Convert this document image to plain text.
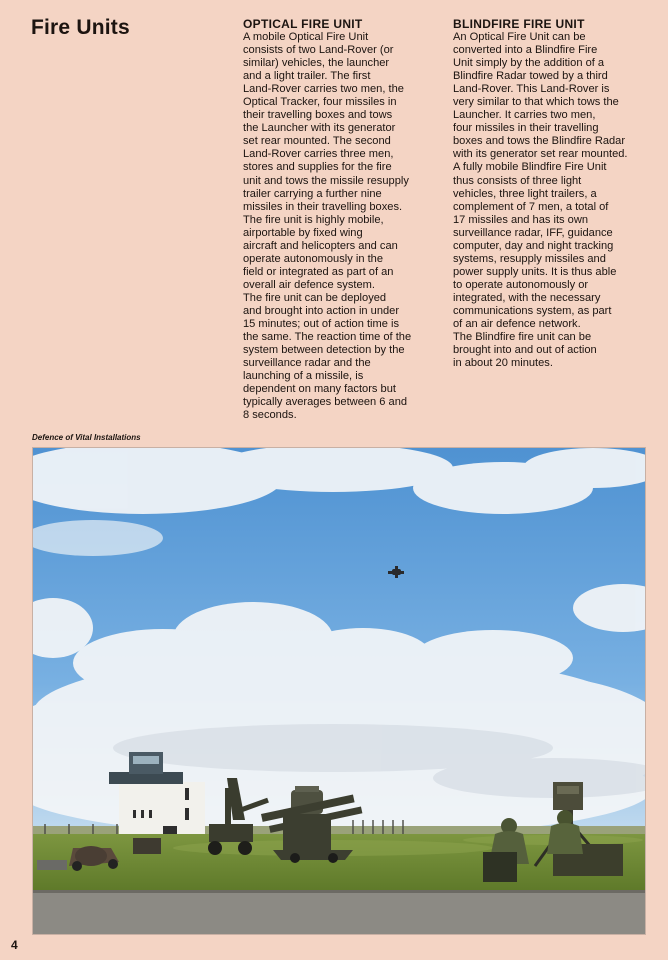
Fire Units	OPTICAL FIRE UNIT
A mobile Optical Fire Unit
consists of two Land-Rover (or
similar) vehicles, the launcher
and a light trailer. The first
Land-Rover carries two men, the
Optical Tracker, four missiles in
their travelling boxes and tows
the Launcher with its generator
set rear mounted. The second
Land-Rover carries three men,
stores and supplies for the fire
unit and tows the missile resupply
trailer carrying a further nine
missiles in their travelling boxes.
The fire unit is highly mobile,
airportable by fixed wing
aircraft and helicopters and can
operate autonomously in the
field or integrated as part of an
overall air defence system.
The fire unit can be deployed
and brought into action in under
15 minutes; out of action time is
the same. The reaction time of the
system between detection by the
surveillance radar and the
launching of a missile, is
dependent on many factors but
typically averages between 6 and
8 seconds.
BLINDFIRE FIRE UNIT
An Optical Fire Unit can be
converted into a Blindfire Fire
Unit simply by the addition of a
Blindfire Radar towed by a third
Land-Rover. This Land-Rover is
very similar to that which tows the
Launcher. It carries two men,
four missiles in their travelling
boxes and tows the Blindfire Radar
with its generator set rear mounted.
A fully mobile Blindfire Fire Unit
thus consists of three light
vehicles, three light trailers, a
complement of 7 men, a total of
17 missiles and has its own
surveillance radar, IFF, guidance
computer, day and night tracking
systems, resupply missiles and
power supply units. It is thus able
to operate autonomously or
integrated, with the necessary
communications system, as part
of an air defence network.
The Blindfire fire unit can be
brought into and out of action
in about 20 minutes.
Defence of Vital Installations
4
